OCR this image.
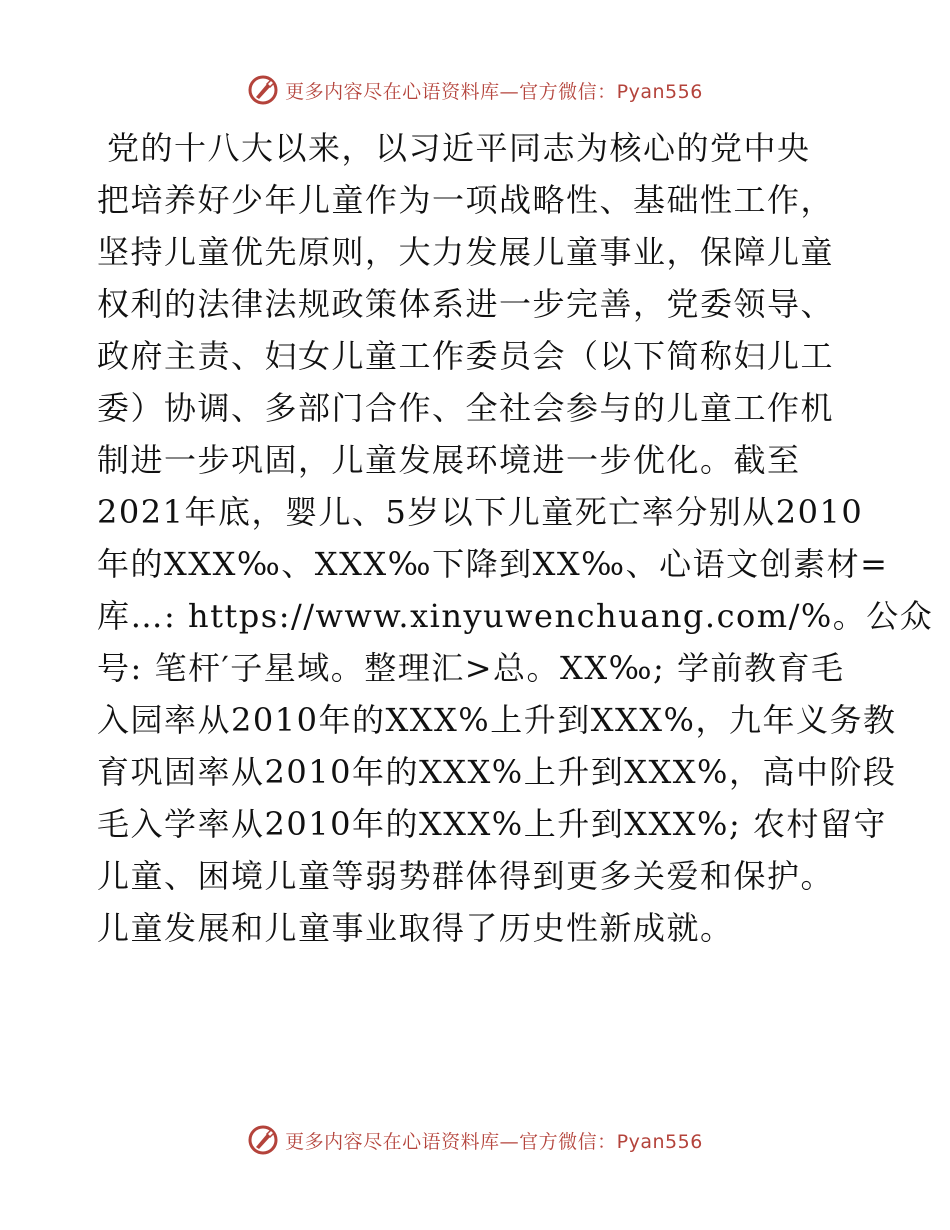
更多内容尽在心语资料库—官方微信：Pyan556
党的十八大以来，以习近平同志为核心的党中央
把培养好少年儿童作为一项战略性、基础性工作，
坚持儿童优先原则，大力发展儿童事业，保障儿童
权利的法律法规政策体系进一步完善，党委领导、
政府主责、妇女儿童工作委员会（以下简称妇儿工
委）协调、多部门合作、全社会参与的儿童工作机
制进一步巩固，儿童发展环境进一步优化。截至
2021年底，婴儿、5岁以下儿童死亡率分别从2010
年的XXX‰、XXX‰下降到XX‰、心语文创素材=
库…: https://www.xinyuwenchuang.com/%。公众
号: 笔杆′子星域。整理汇>总。XX‰; 学前教育毛
入园率从2010年的XXX%上升到XXX%，九年义务教
育巩固率从2010年的XXX%上升到XXX%，高中阶段
毛入学率从2010年的XXX%上升到XXX%; 农村留守
儿童、困境儿童等弱势群体得到更多关爱和保护。
儿童发展和儿童事业取得了历史性新成就。
更多内容尽在心语资料库—官方微信：Pyan556
